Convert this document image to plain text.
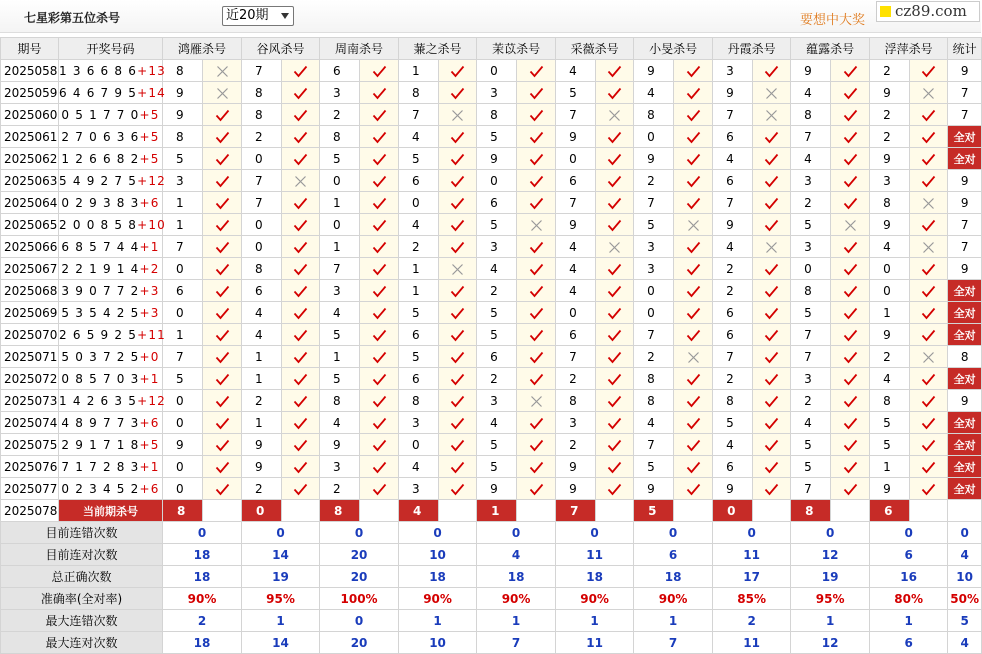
七星彩第五位杀号	近20期	要想中大奖
cz89.com
期号	开奖号码	鸿雁杀号		谷风杀号		周南杀号		蒹之杀号		茉苡杀号		采薇杀号		小旻杀号		丹霞杀号		蕴露杀号		浮萍杀号		统计
2025058	1 3 6 6 8 6+13	8		7		6		1		0		4		9		3		9		2		9
2025059	6 4 6 7 9 5+14	9		8		3		8		3		5		4		9		4		9		7
2025060	0 5 1 7 7 0+5	9		8		2		7		8		7		8		7		8		2		7
2025061	2 7 0 6 3 6+5	8		2		8		4		5		9		0		6		7		2		全对
2025062	1 2 6 6 8 2+5	5		0		5		5		9		0		9		4		4		9		全对
2025063	5 4 9 2 7 5+12	3		7		0		6		0		6		2		6		3		3		9
2025064	0 2 9 3 8 3+6	1		7		1		0		6		7		7		7		2		8		9
2025065	2 0 0 8 5 8+10	1		0		0		4		5		9		5		9		5		9		7
2025066	6 8 5 7 4 4+1	7		0		1		2		3		4		3		4		3		4		7
2025067	2 2 1 9 1 4+2	0		8		7		1		4		4		3		2		0		0		9
2025068	3 9 0 7 7 2+3	6		6		3		1		2		4		0		2		8		0		全对
2025069	5 3 5 4 2 5+3	0		4		4		5		5		0		0		6		5		1		全对
2025070	2 6 5 9 2 5+11	1		4		5		6		5		6		7		6		7		9		全对
2025071	5 0 3 7 2 5+0	7		1		1		5		6		7		2		7		7		2		8
2025072	0 8 5 7 0 3+1	5		1		5		6		2		2		8		2		3		4		全对
2025073	1 4 2 6 3 5+12	0		2		8		8		3		8		8		8		2		8		9
2025074	4 8 9 7 7 3+6	0		1		4		3		4		3		4		5		4		5		全对
2025075	2 9 1 7 1 8+5	9		9		9		0		5		2		7		4		5		5		全对
2025076	7 1 7 2 8 3+1	0		9		3		4		5		9		5		6		5		1		全对
2025077	0 2 3 4 5 2+6	0		2		2		3		9		9		9		9		7		9		全对
2025078	当前期杀号	8		0		8		4		1		7		5		0		8		6		
目前连错次数		0		0		0		0		0		0		0		0		0		0		0
目前连对次数		18		14		20		10		4		11		6		11		12		6		4
总正确次数		18		19		20		18		18		18		18		17		19		16		10
准确率(全对率)		90%		95%		100%		90%		90%		90%		90%		85%		95%		80%		50%
最大连错次数		2		1		0		1		1		1		1		2		1		1		5
最大连对次数		18		14		20		10		7		11		7		11		12		6		4
